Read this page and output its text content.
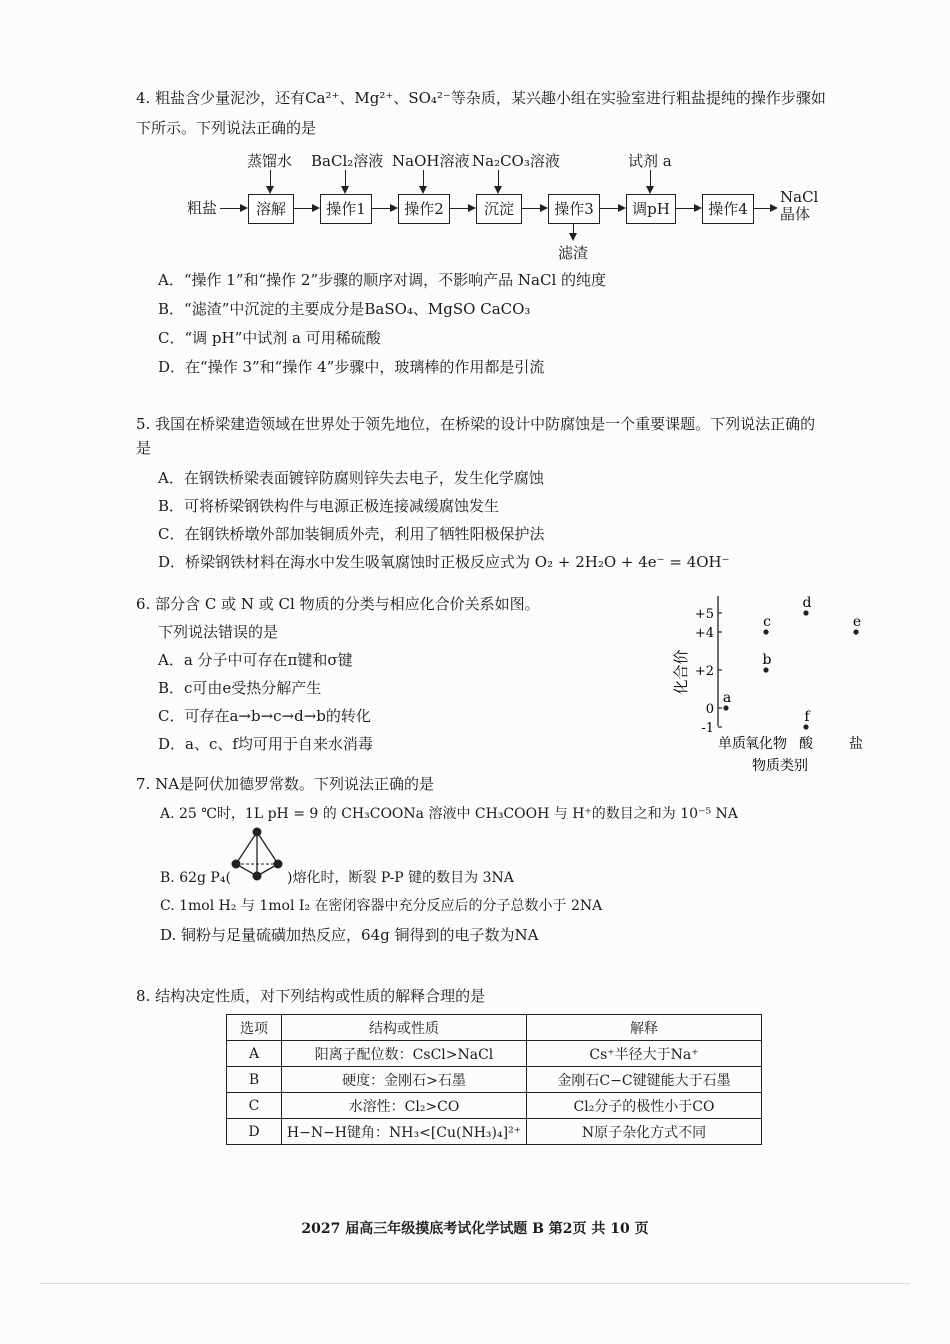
4. 粗盐含少量泥沙，还有Ca²⁺、Mg²⁺、SO₄²⁻等杂质，某兴趣小组在实验室进行粗盐提纯的操作步骤如
下所示。下列说法正确的是
粗盐	溶解	操作1	操作2	沉淀	操作3	调pH	操作4
NaCl
晶体
蒸馏水 BaCl₂溶液 NaOH溶液 Na₂CO₃溶液	试剂 a
滤渣
A．“操作 1”和“操作 2”步骤的顺序对调，不影响产品 NaCl 的纯度
B．“滤渣”中沉淀的主要成分是BaSO₄、MgSO CaCO₃
C．“调 pH”中试剂 a 可用稀硫酸
D．在“操作 3”和“操作 4”步骤中，玻璃棒的作用都是引流
5. 我国在桥梁建造领域在世界处于领先地位，在桥梁的设计中防腐蚀是一个重要课题。下列说法正确的
是
A．在钢铁桥梁表面镀锌防腐则锌失去电子，发生化学腐蚀
B．可将桥梁钢铁构件与电源正极连接减缓腐蚀发生
C．在钢铁桥墩外部加装铜质外壳，利用了牺牲阳极保护法
D．桥梁钢铁材料在海水中发生吸氧腐蚀时正极反应式为 O₂ + 2H₂O + 4e⁻ = 4OH⁻
6. 部分含 C 或 N 或 Cl 物质的分类与相应化合价关系如图。
下列说法错误的是
A．a 分子中可存在π键和σ键
B．c可由e受热分解产生
C．可存在a→b→c→d→b的转化
D．a、c、f均可用于自来水消毒
化合价
+5
+4
+2
0
-1
单质 氧化物 酸	盐
a
b
c
d
e
f
物质类别
7. NA是阿伏加德罗常数。下列说法正确的是
A. 25 ℃时，1L pH = 9 的 CH₃COONa 溶液中 CH₃COOH 与 H⁺的数目之和为 10⁻⁵ NA
B. 62g P₄(	)熔化时，断裂 P-P 键的数目为 3NA
C. 1mol H₂ 与 1mol I₂ 在密闭容器中充分反应后的分子总数小于 2NA
D. 铜粉与足量硫磺加热反应，64g 铜得到的电子数为NA
8. 结构决定性质，对下列结构或性质的解释合理的是
选项	结构或性质	解释
A	阳离子配位数：CsCl>NaCl	Cs⁺半径大于Na⁺
B	硬度：金刚石>石墨	金刚石C−C键键能大于石墨
C	水溶性：Cl₂>CO	Cl₂分子的极性小于CO
D	H−N−H键角：NH₃<[Cu(NH₃)₄]²⁺	N原子杂化方式不同
2027 届高三年级摸底考试化学试题 B 第2页 共 10 页
